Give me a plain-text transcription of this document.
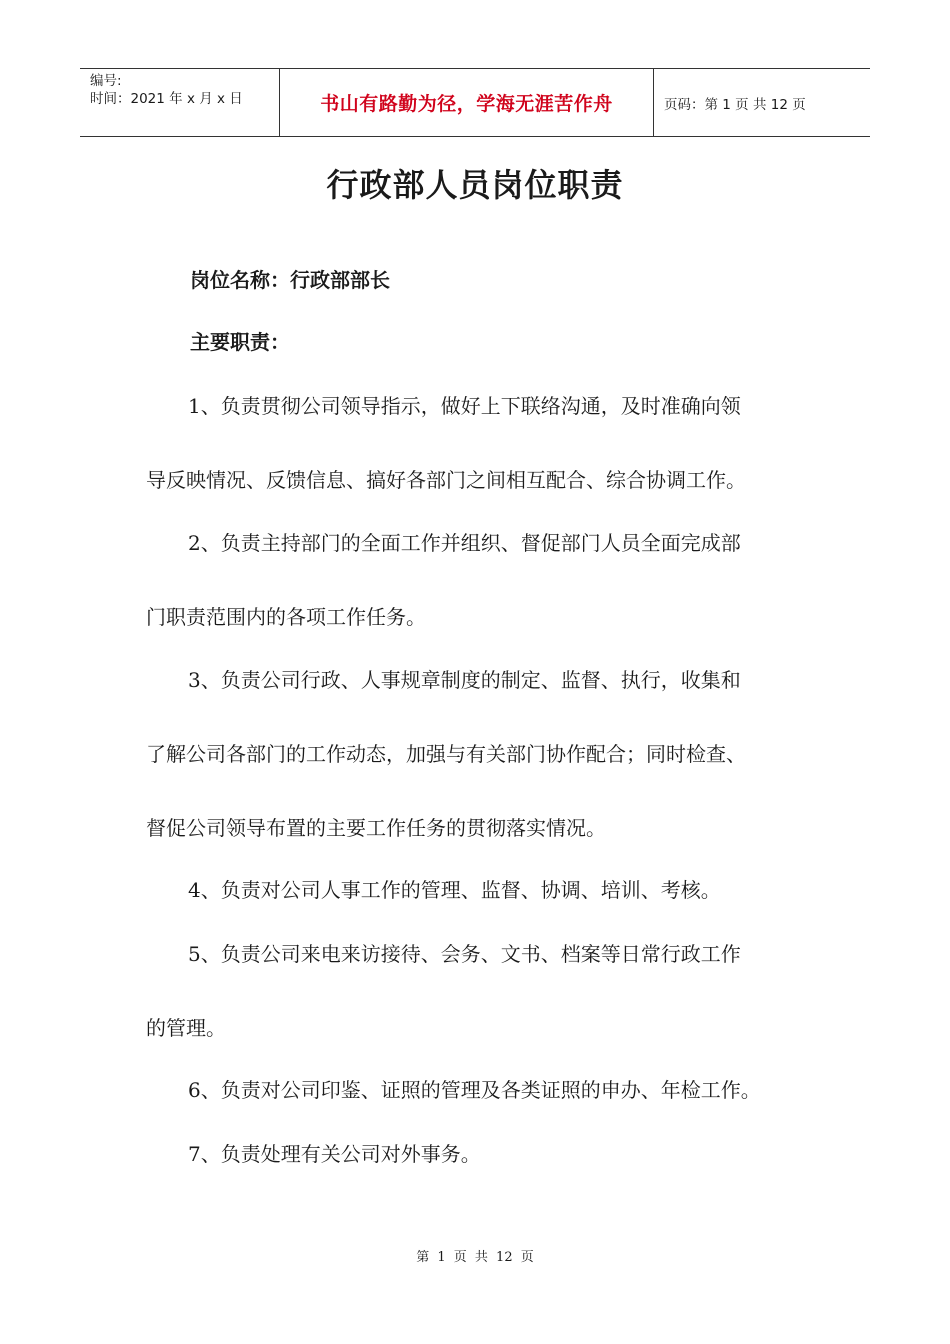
编号:
时间：2021 年 x 月 x 日	书山有路勤为径，学海无涯苦作舟	页码：第 1 页 共 12 页
行政部人员岗位职责
岗位名称：行政部部长
主要职责：
1、负责贯彻公司领导指示，做好上下联络沟通，及时准确向领
导反映情况、反馈信息、搞好各部门之间相互配合、综合协调工作。
2、负责主持部门的全面工作并组织、督促部门人员全面完成部
门职责范围内的各项工作任务。
3、负责公司行政、人事规章制度的制定、监督、执行，收集和
了解公司各部门的工作动态，加强与有关部门协作配合；同时检查、
督促公司领导布置的主要工作任务的贯彻落实情况。
4、负责对公司人事工作的管理、监督、协调、培训、考核。
5、负责公司来电来访接待、会务、文书、档案等日常行政工作
的管理。
6、负责对公司印鉴、证照的管理及各类证照的申办、年检工作。
7、负责处理有关公司对外事务。
第 1 页 共 12 页
